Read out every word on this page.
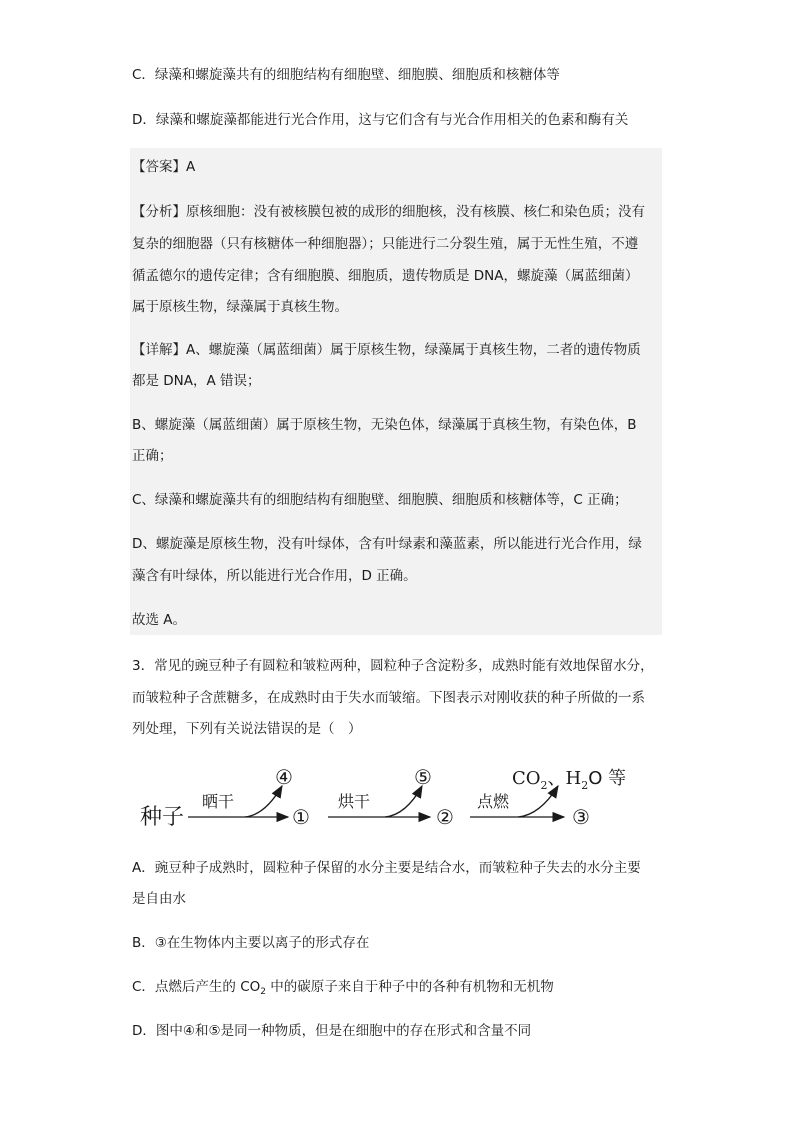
C．绿藻和螺旋藻共有的细胞结构有细胞壁、细胞膜、细胞质和核糖体等
D．绿藻和螺旋藻都能进行光合作用，这与它们含有与光合作用相关的色素和酶有关
【答案】A
【分析】原核细胞：没有被核膜包被的成形的细胞核，没有核膜、核仁和染色质；没有
复杂的细胞器（只有核糖体一种细胞器）；只能进行二分裂生殖，属于无性生殖，不遵
循孟德尔的遗传定律；含有细胞膜、细胞质，遗传物质是 DNA，螺旋藻（属蓝细菌）
属于原核生物，绿藻属于真核生物。
【详解】A、螺旋藻（属蓝细菌）属于原核生物，绿藻属于真核生物，二者的遗传物质
都是 DNA，A 错误；
B、螺旋藻（属蓝细菌）属于原核生物，无染色体，绿藻属于真核生物，有染色体，B
正确；
C、绿藻和螺旋藻共有的细胞结构有细胞壁、细胞膜、细胞质和核糖体等，C 正确；
D、螺旋藻是原核生物，没有叶绿体，含有叶绿素和藻蓝素，所以能进行光合作用，绿
藻含有叶绿体，所以能进行光合作用，D 正确。
故选 A。
3．常见的豌豆种子有圆粒和皱粒两种，圆粒种子含淀粉多，成熟时能有效地保留水分，
而皱粒种子含蔗糖多，在成熟时由于失水而皱缩。下图表示对刚收获的种子所做的一系
列处理，下列有关说法错误的是（　）
种子
晒干
④
①
烘干
⑤
②
点燃
$CO_2$、$H_2O$ 等
③
A．豌豆种子成熟时，圆粒种子保留的水分主要是结合水，而皱粒种子失去的水分主要
是自由水
B．③在生物体内主要以离子的形式存在
C．点燃后产生的 $CO_2$ 中的碳原子来自于种子中的各种有机物和无机物
D．图中④和⑤是同一种物质，但是在细胞中的存在形式和含量不同
